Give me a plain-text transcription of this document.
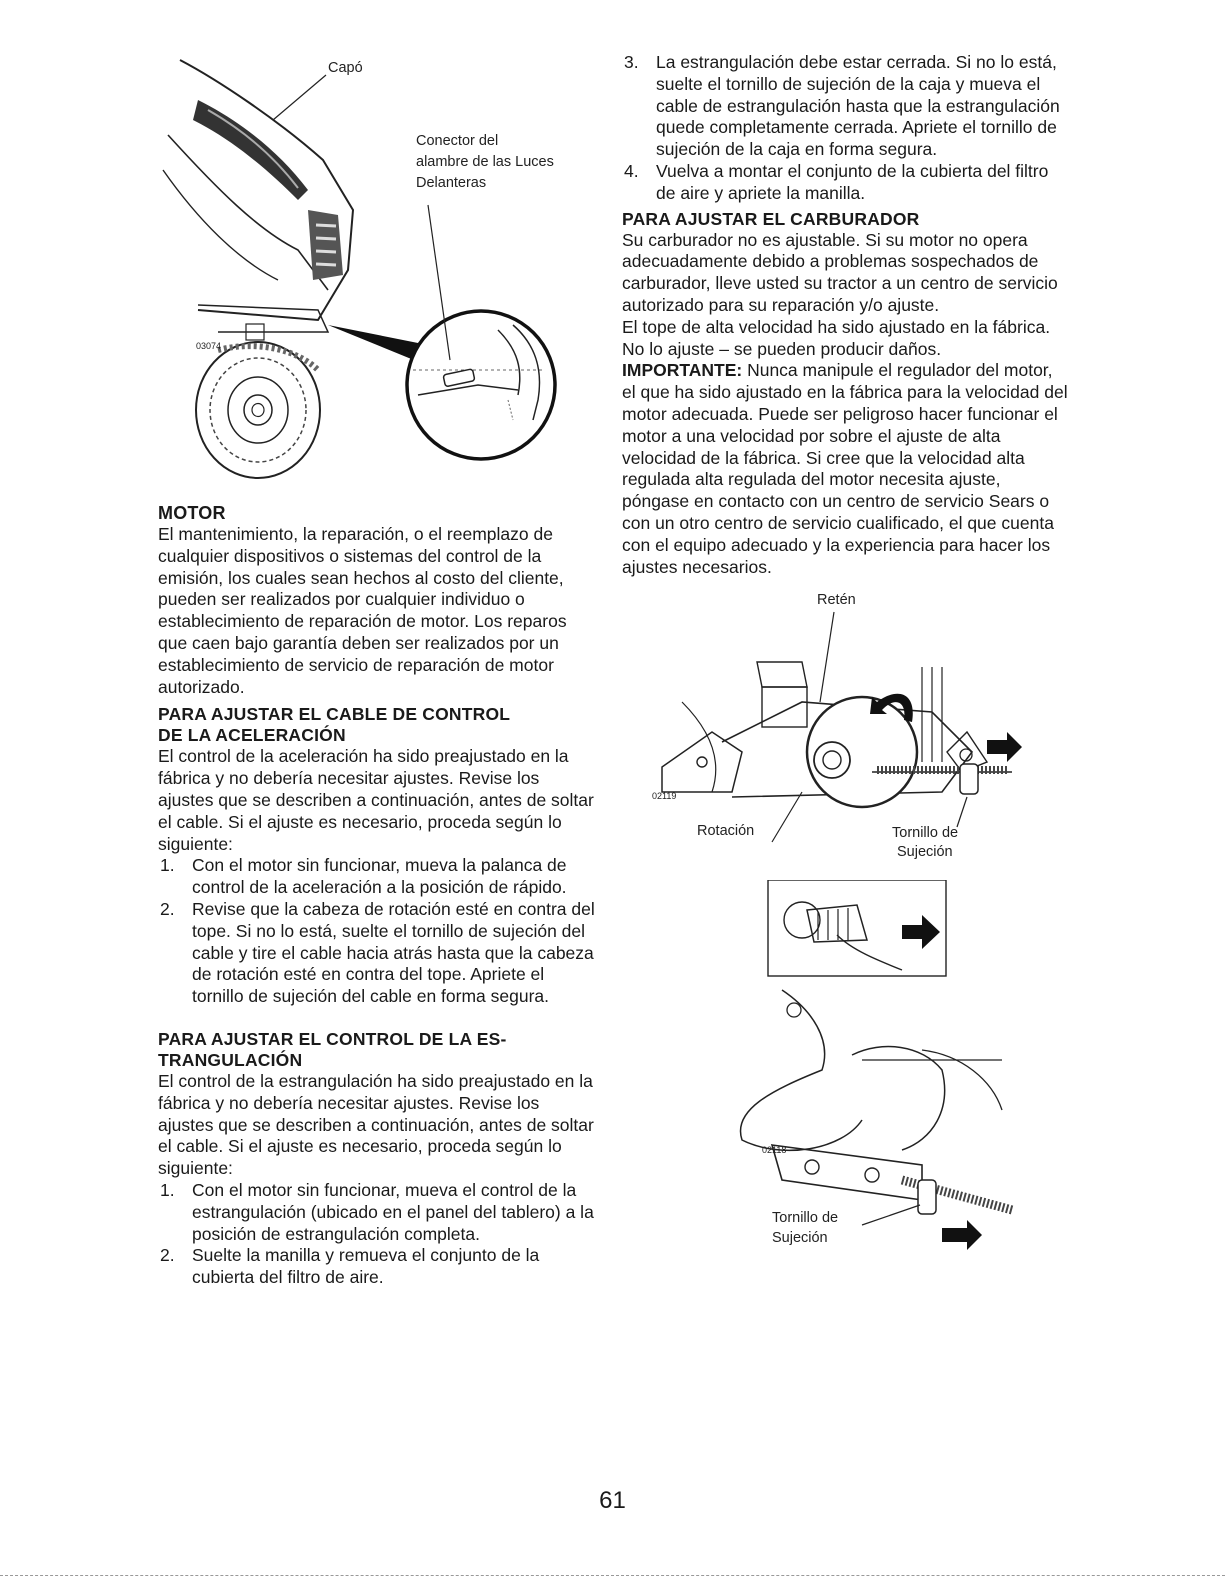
Capó
Conector del
alambre de las Luces
Delanteras
03074
MOTOR

El mantenimiento, la reparación, o el reemplazo de cualquier dispositivos o sistemas del control de la emisión, los cuales sean hechos al costo del cliente, pueden ser realizados por cualquier individuo o establecimiento de reparación de motor. Los reparos que caen bajo garantía deben ser realizados por un establecimiento de servicio de reparación de motor autorizado.

PARA AJUSTAR EL CABLE DE CONTROL
DE LA ACELERACIÓN

El control de la aceleración ha sido preajustado en la fábrica y no debería necesitar ajustes. Revise los ajustes que se describen a continuación, antes de soltar el cable. Si el ajuste es necesario, proceda según lo siguiente:

1. Con el motor sin funcionar, mueva la palanca de control de la aceleración a la posición de rápido.
2. Revise que la cabeza de rotación esté en contra del tope. Si no lo está, suelte el tornillo de sujeción del cable y tire el cable hacia atrás hasta que la cabeza de rotación esté en contra del tope. Apriete el tornillo de sujeción del cable en forma segura.
PARA AJUSTAR EL CONTROL DE LA ES-
TRANGULACIÓN

El control de la estrangulación ha sido preajustado en la fábrica y no debería necesitar ajustes. Revise los ajustes que se describen a continuación, antes de soltar el cable. Si el ajuste es necesario, proceda según lo siguiente:

1. Con el motor sin funcionar, mueva el control de la estrangulación (ubicado en el panel del tablero) a la posición de estrangulación completa.
2. Suelte la manilla y remueva el conjunto de la cubierta del filtro de aire.
3. La estrangulación debe estar cerrada. Si no lo está, suelte el tornillo de sujeción de la caja y mueva el cable de estrangulación hasta que la estrangulación quede completamente cerrada. Apriete el tornillo de sujeción de la caja en forma segura.
4. Vuelva a montar el conjunto de la cubierta del filtro de aire y apriete la manilla.
PARA AJUSTAR EL CARBURADOR

Su carburador no es ajustable. Si su motor no opera adecuadamente debido a problemas sospechados de carburador, lleve usted su tractor a un centro de servicio autorizado para su reparación y/o ajuste.

El tope de alta velocidad ha sido ajustado en la fábrica. No lo ajuste – se pueden producir daños.

IMPORTANTE: Nunca manipule el regulador del motor, el que ha sido ajustado en la fábrica para la velocidad del motor adecuada. Puede ser peligroso hacer funcionar el motor a una velocidad por sobre el ajuste de alta velocidad de la fábrica. Si cree que la velocidad alta regulada alta regulada del motor necesita ajuste, póngase en contacto con un centro de servicio Sears o con un otro centro de servicio cualificado, el que cuenta con el equipo adecuado y la experiencia para hacer los ajustes necesarios.

Retén
02119
Rotación	Tornillo de
Sujeción
02118
Tornillo de
Sujeción
61
